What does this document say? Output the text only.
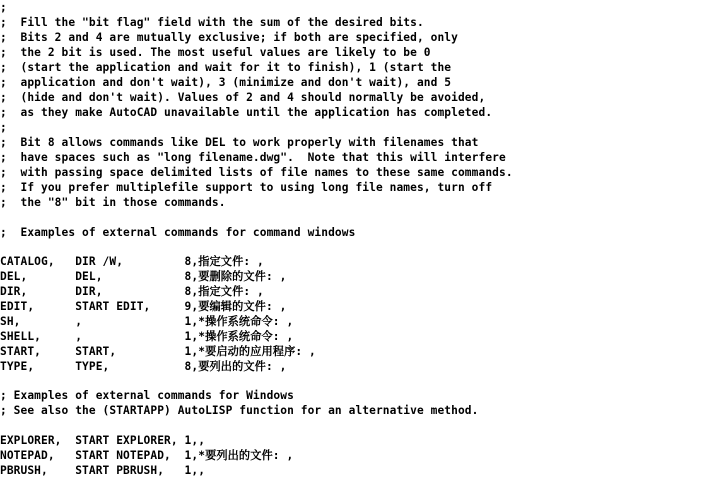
;
;  Fill the "bit flag" field with the sum of the desired bits.
;  Bits 2 and 4 are mutually exclusive; if both are specified, only
;  the 2 bit is used. The most useful values are likely to be 0
;  (start the application and wait for it to finish), 1 (start the
;  application and don't wait), 3 (minimize and don't wait), and 5
;  (hide and don't wait). Values of 2 and 4 should normally be avoided,
;  as they make AutoCAD unavailable until the application has completed.
;
;  Bit 8 allows commands like DEL to work properly with filenames that
;  have spaces such as "long filename.dwg".  Note that this will interfere
;  with passing space delimited lists of file names to these same commands.
;  If you prefer multiplefile support to using long file names, turn off
;  the "8" bit in those commands.
;  Examples of external commands for command windows
CATALOG,   DIR /W,         8,指定文件: ,
DEL,       DEL,            8,要删除的文件: ,
DIR,       DIR,            8,指定文件: ,
EDIT,      START EDIT,     9,要编辑的文件: ,
SH,        ,               1,*操作系统命令: ,
SHELL,     ,               1,*操作系统命令: ,
START,     START,          1,*要启动的应用程序: ,
TYPE,      TYPE,           8,要列出的文件: ,
; Examples of external commands for Windows
; See also the (STARTAPP) AutoLISP function for an alternative method.
EXPLORER,  START EXPLORER, 1,,
NOTEPAD,   START NOTEPAD,  1,*要列出的文件: ,
PBRUSH,    START PBRUSH,   1,,
